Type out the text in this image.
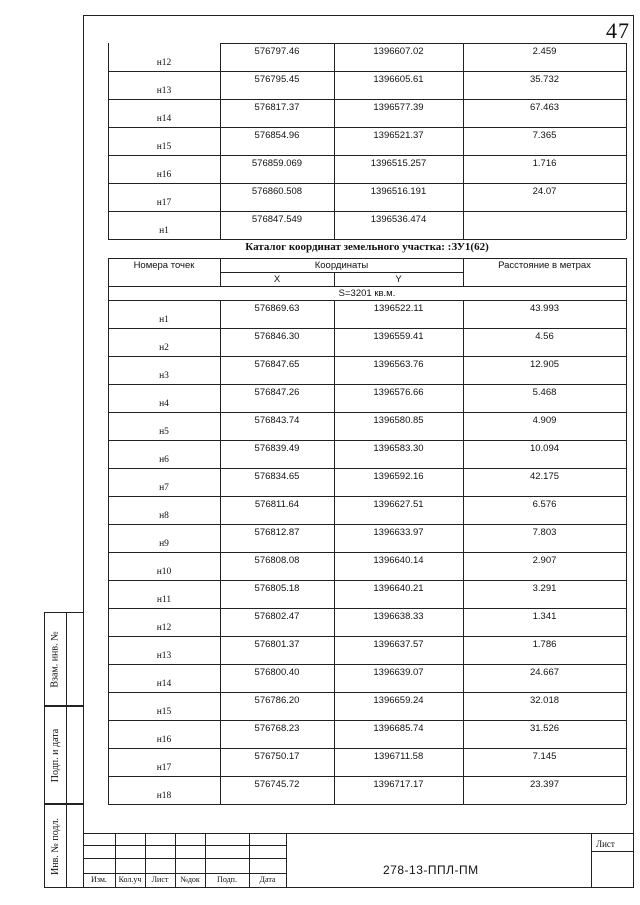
47
н12
576797.46	1396607.02	2.459
н13
576795.45	1396605.61	35.732
н14
576817.37	1396577.39	67.463
н15
576854.96	1396521.37	7.365
н16
576859.069	1396515.257	1.716
н17
576860.508	1396516.191	24.07
н1
576847.549	1396536.474
Каталог координат земельного участка: :ЗУ1(62)
Номера точек	Координаты
X	Y
Расстояние в метрах
S=3201 кв.м.
н1
576869.63	1396522.11	43.993
н2
576846.30	1396559.41	4.56
н3
576847.65	1396563.76	12.905
н4
576847.26	1396576.66	5.468
н5
576843.74	1396580.85	4.909
н6
576839.49	1396583.30	10.094
н7
576834.65	1396592.16	42.175
н8
576811.64	1396627.51	6.576
н9
576812.87	1396633.97	7.803
н10
576808.08	1396640.14	2.907
н11
576805.18	1396640.21	3.291
н12
576802.47	1396638.33	1.341
н13
576801.37	1396637.57	1.786
н14
576800.40	1396639.07	24.667
н15
576786.20	1396659.24	32.018
н16
576768.23	1396685.74	31.526
н17
576750.17	1396711.58	7.145
н18
576745.72	1396717.17	23.397
Взам. инв. №
Подп. и дата
Инв. № подл.
Изм.	Кол.уч	Лист	№док	Подп.	Дата
Лист
278-13-ППЛ-ПМ
